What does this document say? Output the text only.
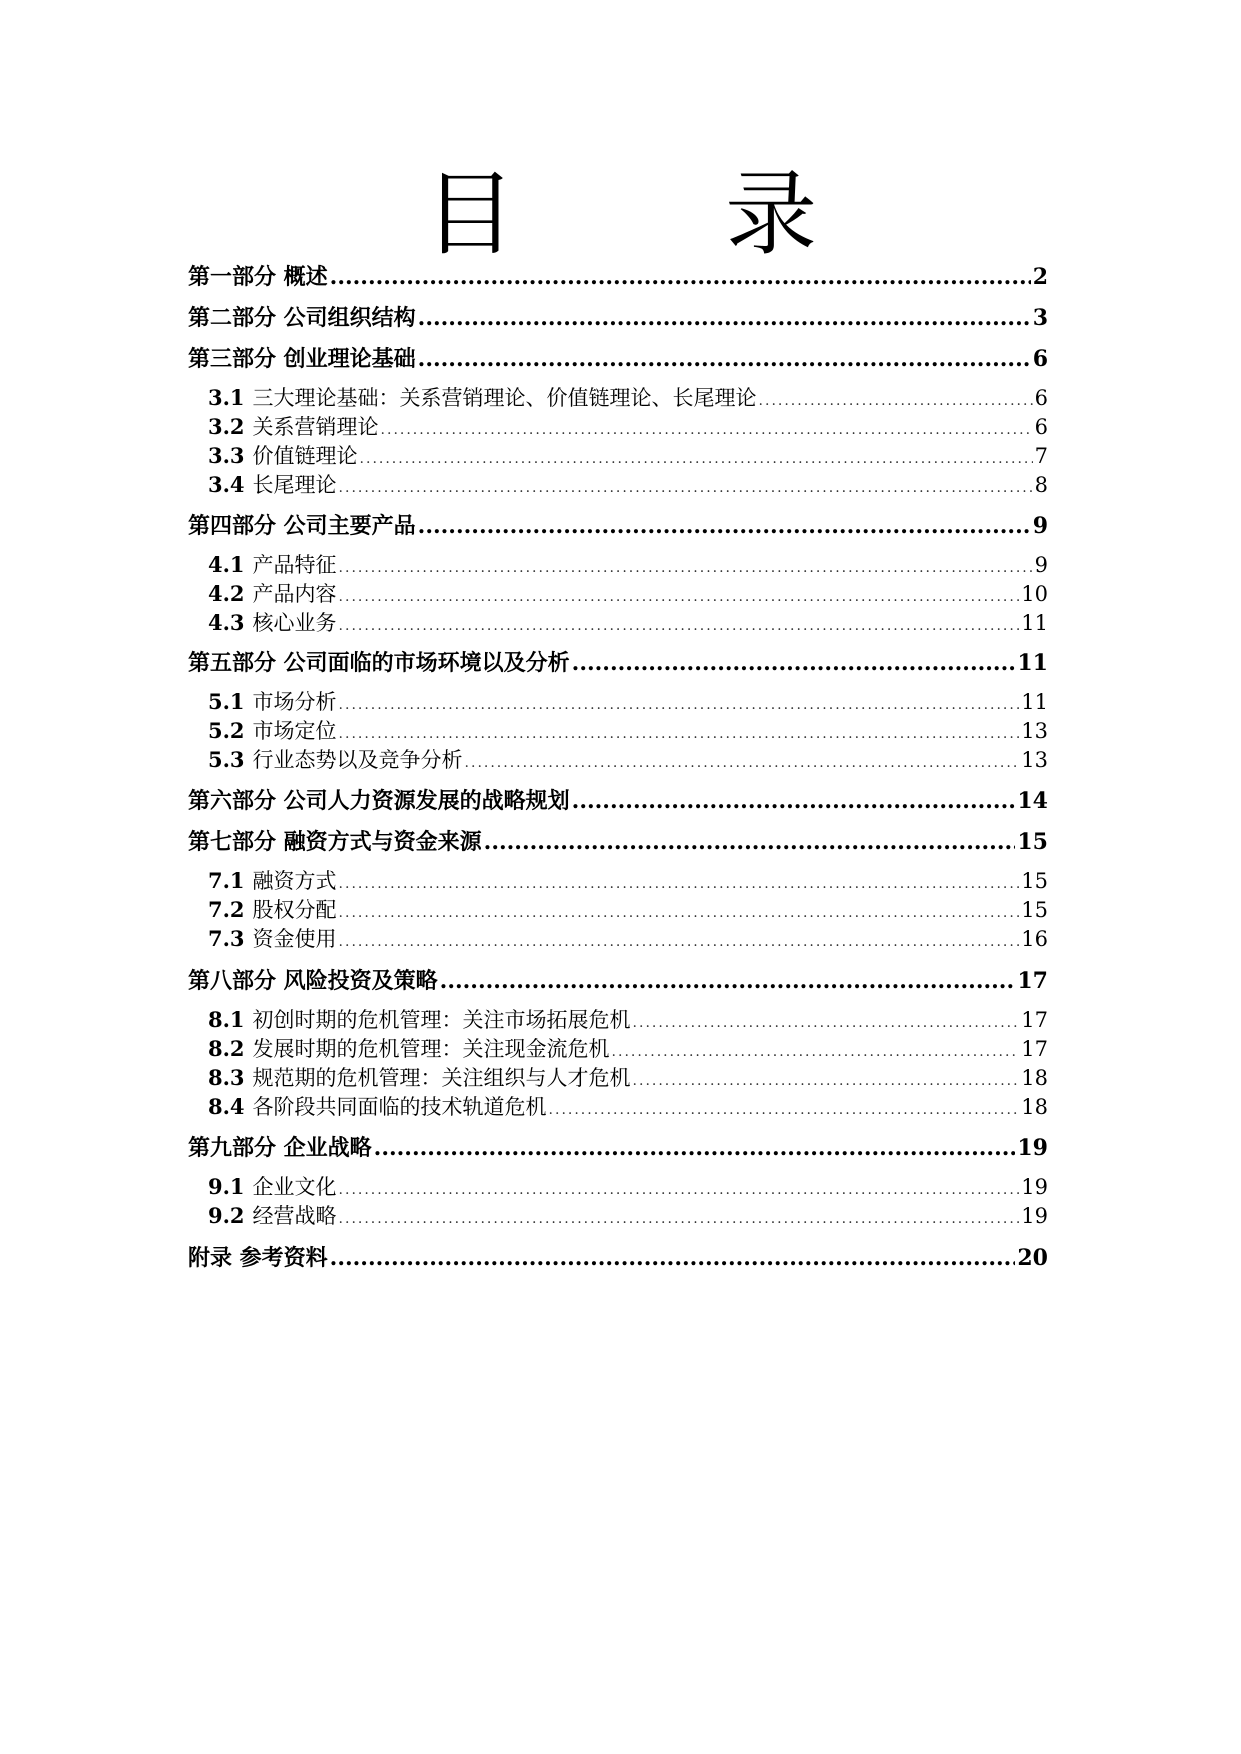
目 录
第一部分 概述 .....	2
第二部分 公司组织结构 .....	3
第三部分 创业理论基础 .....	6
3.1 三大理论基础：关系营销理论、价值链理论、长尾理论 .....	6
3.2 关系营销理论 .....	6
3.3 价值链理论 .....	7
3.4 长尾理论 .....	8
第四部分 公司主要产品 .....	9
4.1 产品特征 .....	9
4.2 产品内容 .....	10
4.3 核心业务 .....	11
第五部分 公司面临的市场环境以及分析 .....	11
5.1 市场分析 .....	11
5.2 市场定位 .....	13
5.3 行业态势以及竞争分析 .....	13
第六部分 公司人力资源发展的战略规划 .....	14
第七部分 融资方式与资金来源 .....	15
7.1 融资方式 .....	15
7.2 股权分配 .....	15
7.3 资金使用 .....	16
第八部分 风险投资及策略 .....	17
8.1 初创时期的危机管理：关注市场拓展危机 .....	17
8.2 发展时期的危机管理：关注现金流危机 .....	17
8.3 规范期的危机管理：关注组织与人才危机 .....	18
8.4 各阶段共同面临的技术轨道危机 .....	18
第九部分 企业战略 .....	19
9.1 企业文化 .....	19
9.2 经营战略 .....	19
附录 参考资料 .....	20
